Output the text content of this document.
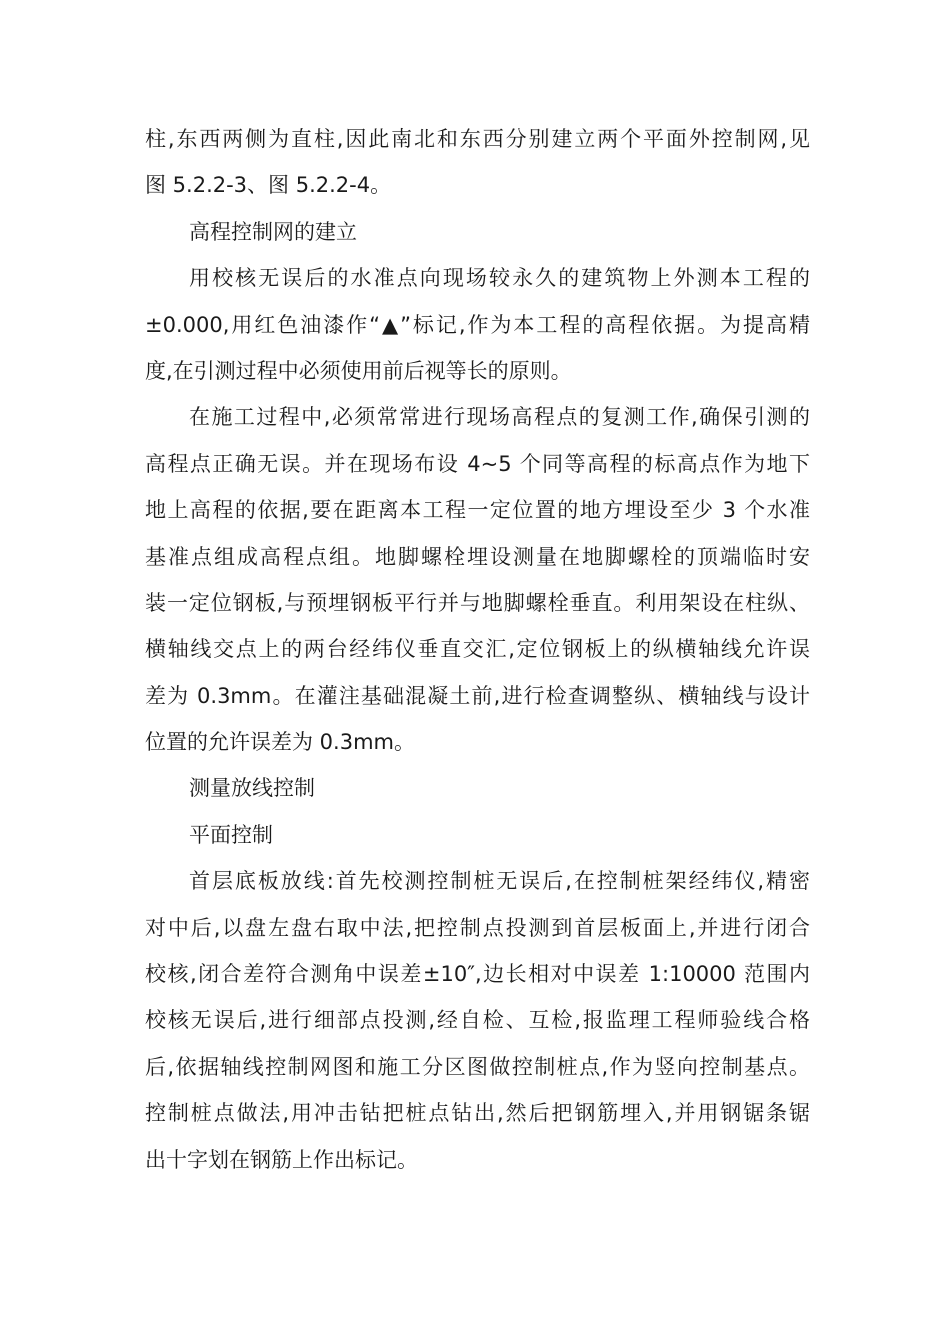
柱,东西两侧为直柱,因此南北和东西分别建立两个平面外控制网,见
图 5.2.2-3、图 5.2.2-4。
高程控制网的建立
用校核无误后的水准点向现场较永久的建筑物上外测本工程的
±0.000,用红色油漆作“▲”标记,作为本工程的高程依据。为提高精
度,在引测过程中必须使用前后视等长的原则。
在施工过程中,必须常常进行现场高程点的复测工作,确保引测的
高程点正确无误。并在现场布设 4~5 个同等高程的标高点作为地下
地上高程的依据,要在距离本工程一定位置的地方埋设至少 3 个水准
基准点组成高程点组。地脚螺栓埋设测量在地脚螺栓的顶端临时安
装一定位钢板,与预埋钢板平行并与地脚螺栓垂直。利用架设在柱纵、
横轴线交点上的两台经纬仪垂直交汇,定位钢板上的纵横轴线允许误
差为 0.3mm。在灌注基础混凝土前,进行检查调整纵、横轴线与设计
位置的允许误差为 0.3mm。
测量放线控制
平面控制
首层底板放线:首先校测控制桩无误后,在控制桩架经纬仪,精密
对中后,以盘左盘右取中法,把控制点投测到首层板面上,并进行闭合
校核,闭合差符合测角中误差±10″,边长相对中误差 1:10000 范围内
校核无误后,进行细部点投测,经自检、互检,报监理工程师验线合格
后,依据轴线控制网图和施工分区图做控制桩点,作为竖向控制基点。
控制桩点做法,用冲击钻把桩点钻出,然后把钢筋埋入,并用钢锯条锯
出十字划在钢筋上作出标记。
